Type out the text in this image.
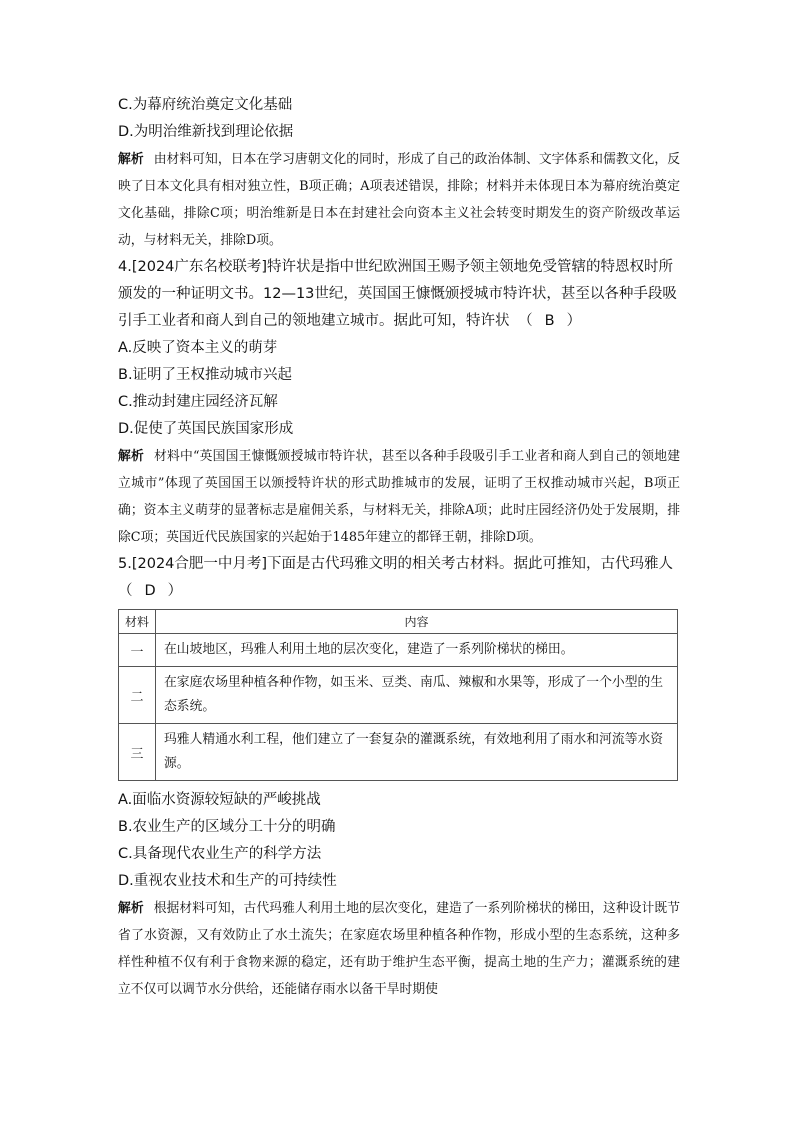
C.为幕府统治奠定文化基础
D.为明治维新找到理论依据
解析 由材料可知，日本在学习唐朝文化的同时，形成了自己的政治体制、文字体系和儒教文化，反映了日本文化具有相对独立性，B项正确；A项表述错误，排除；材料并未体现日本为幕府统治奠定文化基础，排除C项；明治维新是日本在封建社会向资本主义社会转变时期发生的资产阶级改革运动，与材料无关，排除D项。
4.[2024广东名校联考]特许状是指中世纪欧洲国王赐予领主领地免受管辖的特恩权时所颁发的一种证明文书。12—13世纪，英国国王慷慨颁授城市特许状，甚至以各种手段吸引手工业者和商人到自己的领地建立城市。据此可知，特许状 （ B ）
A.反映了资本主义的萌芽
B.证明了王权推动城市兴起
C.推动封建庄园经济瓦解
D.促使了英国民族国家形成
解析 材料中“英国国王慷慨颁授城市特许状，甚至以各种手段吸引手工业者和商人到自己的领地建立城市”体现了英国国王以颁授特许状的形式助推城市的发展，证明了王权推动城市兴起，B项正确；资本主义萌芽的显著标志是雇佣关系，与材料无关，排除A项；此时庄园经济仍处于发展期，排除C项；英国近代民族国家的兴起始于1485年建立的都铎王朝，排除D项。
5.[2024合肥一中月考]下面是古代玛雅文明的相关考古材料。据此可推知，古代玛雅人
（ D ）
材料	内容
一	在山坡地区，玛雅人利用土地的层次变化，建造了一系列阶梯状的梯田。
二	在家庭农场里种植各种作物，如玉米、豆类、南瓜、辣椒和水果等，形成了一个小型的生态系统。
三	玛雅人精通水利工程，他们建立了一套复杂的灌溉系统，有效地利用了雨水和河流等水资源。
A.面临水资源较短缺的严峻挑战
B.农业生产的区域分工十分的明确
C.具备现代农业生产的科学方法
D.重视农业技术和生产的可持续性
解析 根据材料可知，古代玛雅人利用土地的层次变化，建造了一系列阶梯状的梯田，这种设计既节省了水资源，又有效防止了水土流失；在家庭农场里种植各种作物，形成小型的生态系统，这种多样性种植不仅有利于食物来源的稳定，还有助于维护生态平衡，提高土地的生产力；灌溉系统的建立不仅可以调节水分供给，还能储存雨水以备干旱时期使
